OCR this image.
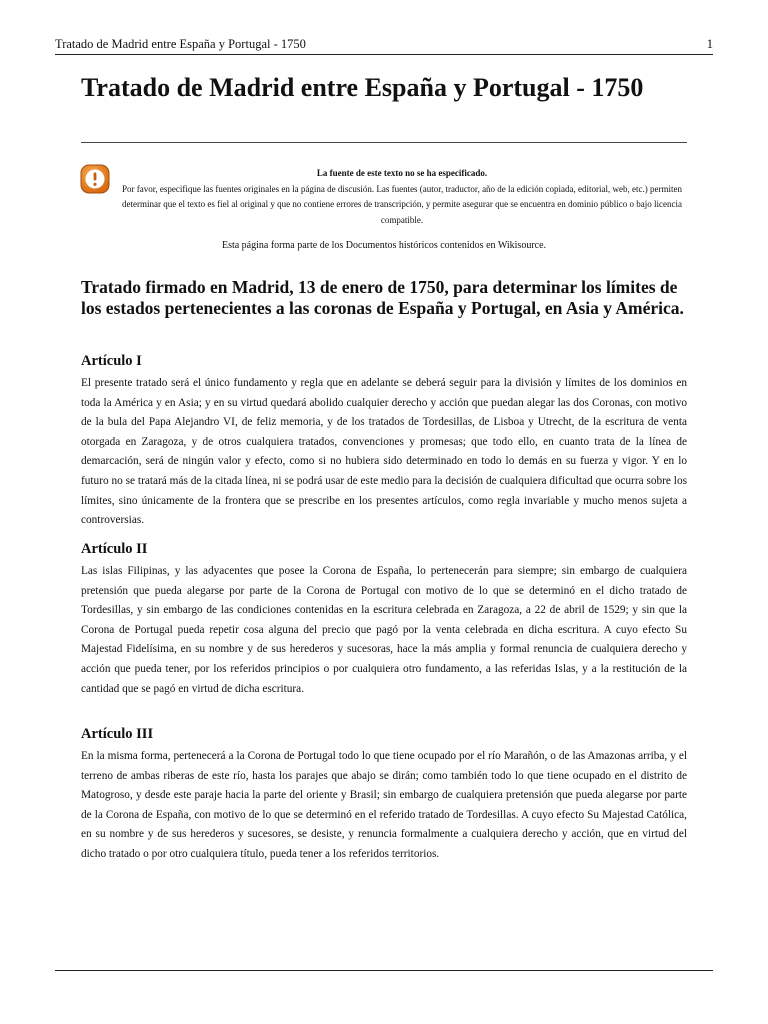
Tratado de Madrid entre España y Portugal - 1750	1
Tratado de Madrid entre España y Portugal - 1750

La fuente de este texto no se ha especificado.

Por favor, especifique las fuentes originales en la página de discusión. Las fuentes (autor, traductor, año de la edición copiada, editorial, web, etc.) permiten determinar que el texto es fiel al original y que no contiene errores de transcripción, y permite asegurar que se encuentra en dominio público o bajo licencia compatible.

Esta página forma parte de los Documentos históricos contenidos en Wikisource.

Tratado firmado en Madrid, 13 de enero de 1750, para determinar los límites de los estados pertenecientes a las coronas de España y Portugal, en Asia y América.
Artículo I

El presente tratado será el único fundamento y regla que en adelante se deberá seguir para la división y límites de los dominios en toda la América y en Asia; y en su virtud quedará abolido cualquier derecho y acción que puedan alegar las dos Coronas, con motivo de la bula del Papa Alejandro VI, de feliz memoria, y de los tratados de Tordesillas, de Lisboa y Utrecht, de la escritura de venta otorgada en Zaragoza, y de otros cualquiera tratados, convenciones y promesas; que todo ello, en cuanto trata de la línea de demarcación, será de ningún valor y efecto, como si no hubiera sido determinado en todo lo demás en su fuerza y vigor. Y en lo futuro no se tratará más de la citada línea, ni se podrá usar de este medio para la decisión de cualquiera dificultad que ocurra sobre los límites, sino únicamente de la frontera que se prescribe en los presentes artículos, como regla invariable y mucho menos sujeta a controversias.

Artículo II

Las islas Filipinas, y las adyacentes que posee la Corona de España, lo pertenecerán para siempre; sin embargo de cualquiera pretensión que pueda alegarse por parte de la Corona de Portugal con motivo de lo que se determinó en el dicho tratado de Tordesillas, y sin embargo de las condiciones contenidas en la escritura celebrada en Zaragoza, a 22 de abril de 1529; y sin que la Corona de Portugal pueda repetir cosa alguna del precio que pagó por la venta celebrada en dicha escritura. A cuyo efecto Su Majestad Fidelísima, en su nombre y de sus herederos y sucesoras, hace la más amplia y formal renuncia de cualquiera derecho y acción que pueda tener, por los referidos principios o por cualquiera otro fundamento, a las referidas Islas, y a la restitución de la cantidad que se pagó en virtud de dicha escritura.

Artículo III

En la misma forma, pertenecerá a la Corona de Portugal todo lo que tiene ocupado por el río Marañón, o de las Amazonas arriba, y el terreno de ambas riberas de este río, hasta los parajes que abajo se dirán; como también todo lo que tiene ocupado en el distrito de Matogroso, y desde este paraje hacia la parte del oriente y Brasil; sin embargo de cualquiera pretensión que pueda alegarse por parte de la Corona de España, con motivo de lo que se determinó en el referido tratado de Tordesillas. A cuyo efecto Su Majestad Católica, en su nombre y de sus herederos y sucesores, se desiste, y renuncia formalmente a cualquiera derecho y acción, que en virtud del dicho tratado o por otro cualquiera título, pueda tener a los referidos territorios.
